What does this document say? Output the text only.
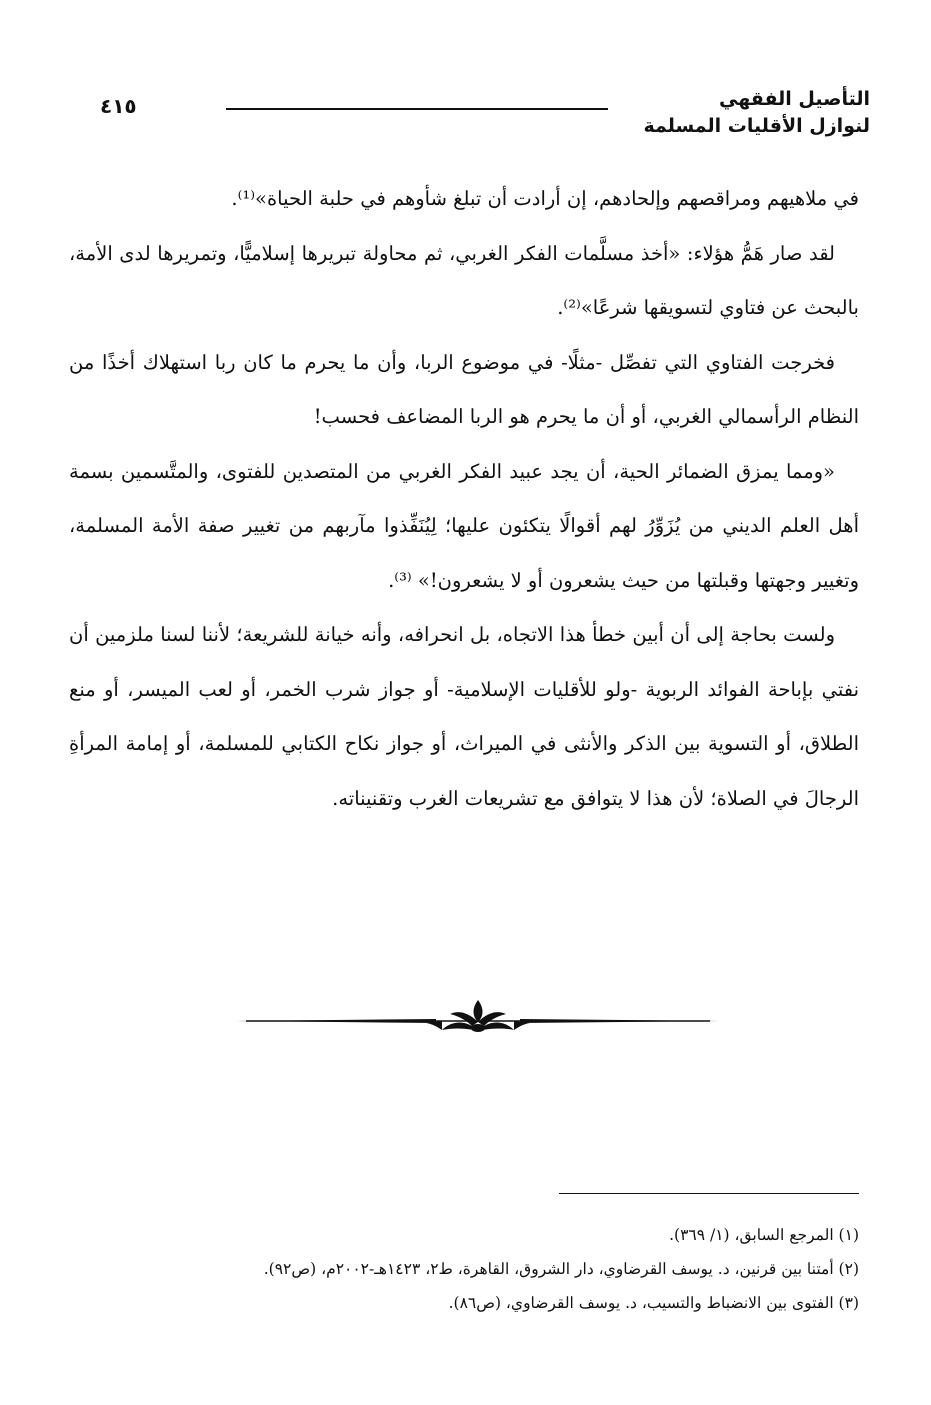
التأصيل الفقهي
لنوازل الأقليات المسلمة
٤١٥

في ملاهيهم ومراقصهم وإلحادهم، إن أرادت أن تبلغ شأوهم في حلبة الحياة»⁽¹⁾.

لقد صار هَمُّ هؤلاء: «أخذ مسلَّمات الفكر الغربي، ثم محاولة تبريرها إسلاميًّا، وتمريرها لدى الأمة، بالبحث عن فتاوي لتسويقها شرعًا»⁽²⁾.

فخرجت الفتاوي التي تفصِّل -مثلًا- في موضوع الربا، وأن ما يحرم ما كان ربا استهلاك أخذًا من النظام الرأسمالي الغربي، أو أن ما يحرم هو الربا المضاعف فحسب!

«ومما يمزق الضمائر الحية، أن يجد عبيد الفكر الغربي من المتصدين للفتوى، والمتَّسمين بسمة أهل العلم الديني من يُزَوِّرُ لهم أقوالًا يتكئون عليها؛ لِيُنَفِّذوا مآربهم من تغيير صفة الأمة المسلمة، وتغيير وجهتها وقبلتها من حيث يشعرون أو لا يشعرون!» ⁽³⁾.

ولست بحاجة إلى أن أبين خطأ هذا الاتجاه، بل انحرافه، وأنه خيانة للشريعة؛ لأننا لسنا ملزمين أن نفتي بإباحة الفوائد الربوية -ولو للأقليات الإسلامية- أو جواز شرب الخمر، أو لعب الميسر، أو منع الطلاق، أو التسوية بين الذكر والأنثى في الميراث، أو جواز نكاح الكتابي للمسلمة، أو إمامة المرأةِ الرجالَ في الصلاة؛ لأن هذا لا يتوافق مع تشريعات الغرب وتقنيناته.

(١) المرجع السابق، (١/ ٣٦٩).

(٢) أمتنا بين قرنين، د. يوسف القرضاوي، دار الشروق، القاهرة، ط٢، ١٤٢٣هـ-٢٠٠٢م، (ص٩٢).

(٣) الفتوى بين الانضباط والتسيب، د. يوسف القرضاوي، (ص٨٦).
